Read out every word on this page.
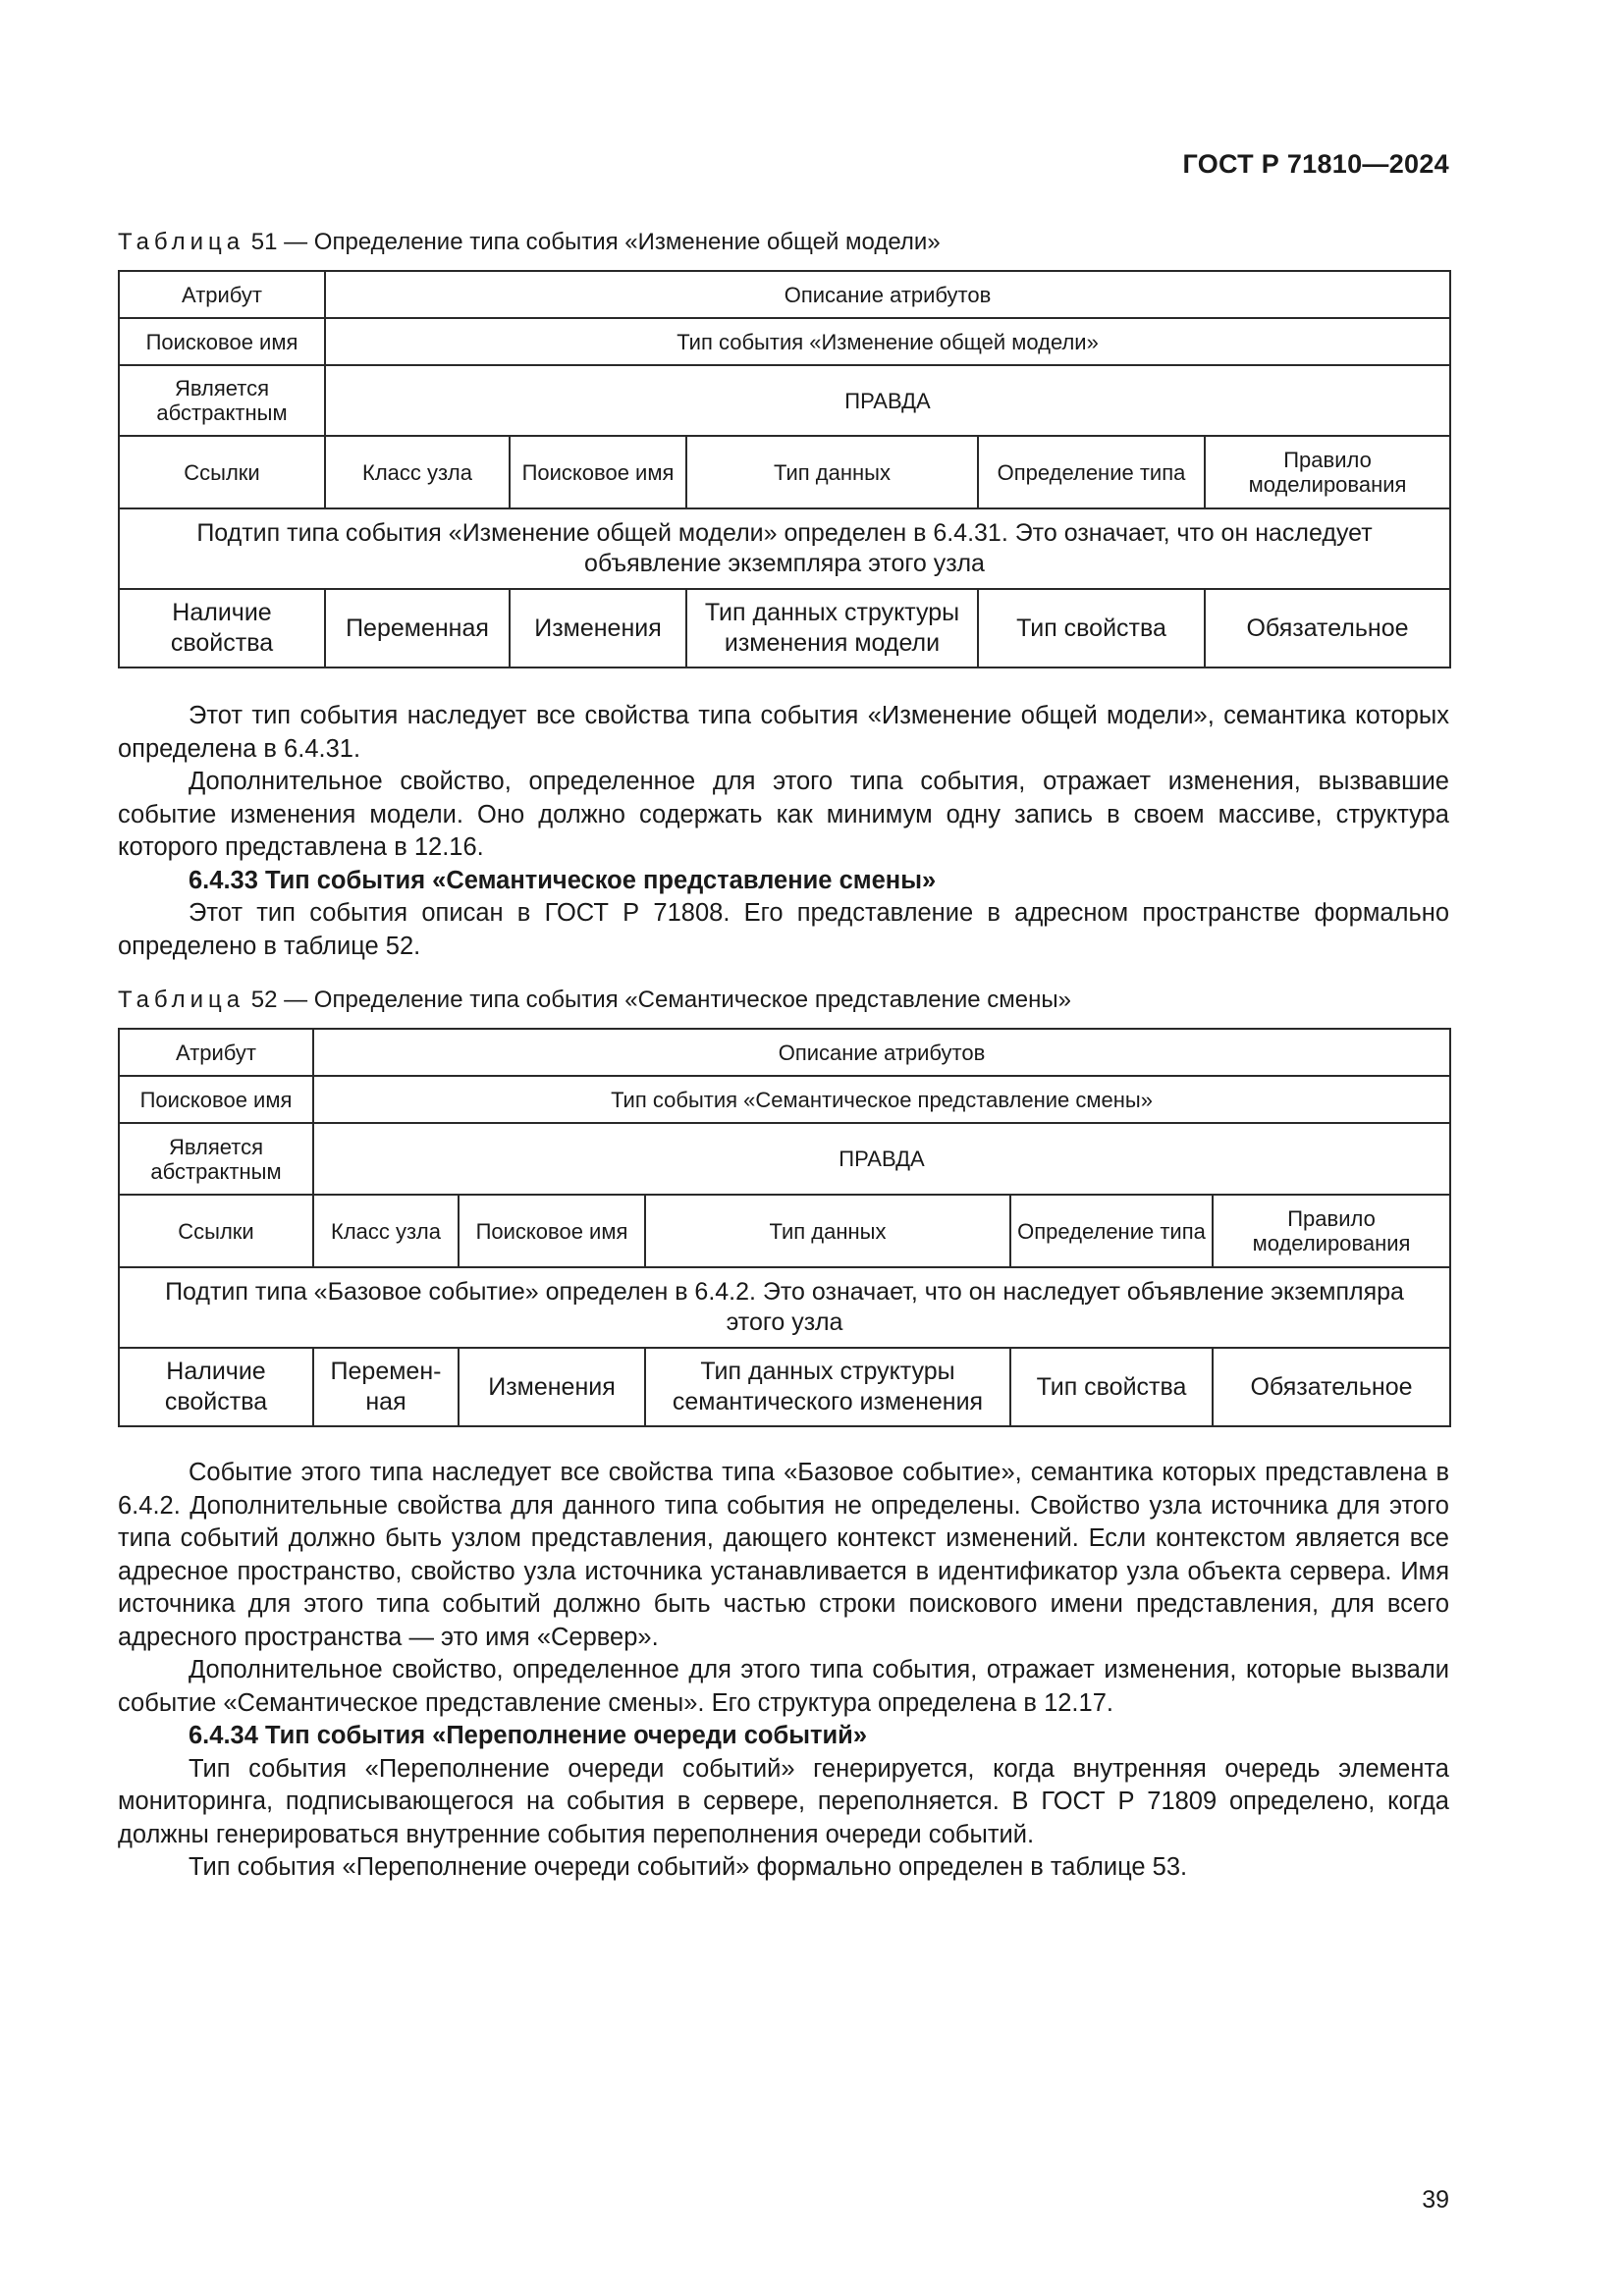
ГОСТ Р 71810—2024
Таблица 51 — Определение типа события «Изменение общей модели»
Атрибут	Описание атрибутов				
Поисковое имя	Тип события «Изменение общей модели»				
Является абстрактным	ПРАВДА				
Ссылки	Класс узла	Поисковое имя	Тип данных	Определение типа	Правило моделирования
Подтип типа события «Изменение общей модели» определен в 6.4.31. Это означает, что он наследует объявление экземпляра этого узла					
Наличие свойства	Переменная	Изменения	Тип данных структуры изменения модели	Тип свойства	Обязательное

Этот тип события наследует все свойства типа события «Изменение общей модели», семантика которых определена в 6.4.31.

Дополнительное свойство, определенное для этого типа события, отражает изменения, вызвавшие событие изменения модели. Оно должно содержать как минимум одну запись в своем массиве, структура которого представлена в 12.16.

6.4.33 Тип события «Семантическое представление смены»

Этот тип события описан в ГОСТ Р 71808. Его представление в адресном пространстве формально определено в таблице 52.

Таблица 52 — Определение типа события «Семантическое представление смены»
Атрибут	Описание атрибутов				
Поисковое имя	Тип события «Семантическое представление смены»				
Является абстрактным	ПРАВДА				
Ссылки	Класс узла	Поисковое имя	Тип данных	Определение типа	Правило моделирования
Подтип типа «Базовое событие» определен в 6.4.2. Это означает, что он наследует объявление экземпляра этого узла					
Наличие свойства	Перемен-ная	Изменения	Тип данных структуры семантического изменения	Тип свойства	Обязательное

Событие этого типа наследует все свойства типа «Базовое событие», семантика которых представлена в 6.4.2. Дополнительные свойства для данного типа события не определены. Свойство узла источника для этого типа событий должно быть узлом представления, дающего контекст изменений. Если контекстом является все адресное пространство, свойство узла источника устанавливается в идентификатор узла объекта сервера. Имя источника для этого типа событий должно быть частью строки поискового имени представления, для всего адресного пространства — это имя «Сервер».

Дополнительное свойство, определенное для этого типа события, отражает изменения, которые вызвали событие «Семантическое представление смены». Его структура определена в 12.17.

6.4.34 Тип события «Переполнение очереди событий»

Тип события «Переполнение очереди событий» генерируется, когда внутренняя очередь элемента мониторинга, подписывающегося на события в сервере, переполняется. В ГОСТ Р 71809 определено, когда должны генерироваться внутренние события переполнения очереди событий.

Тип события «Переполнение очереди событий» формально определен в таблице 53.

39
